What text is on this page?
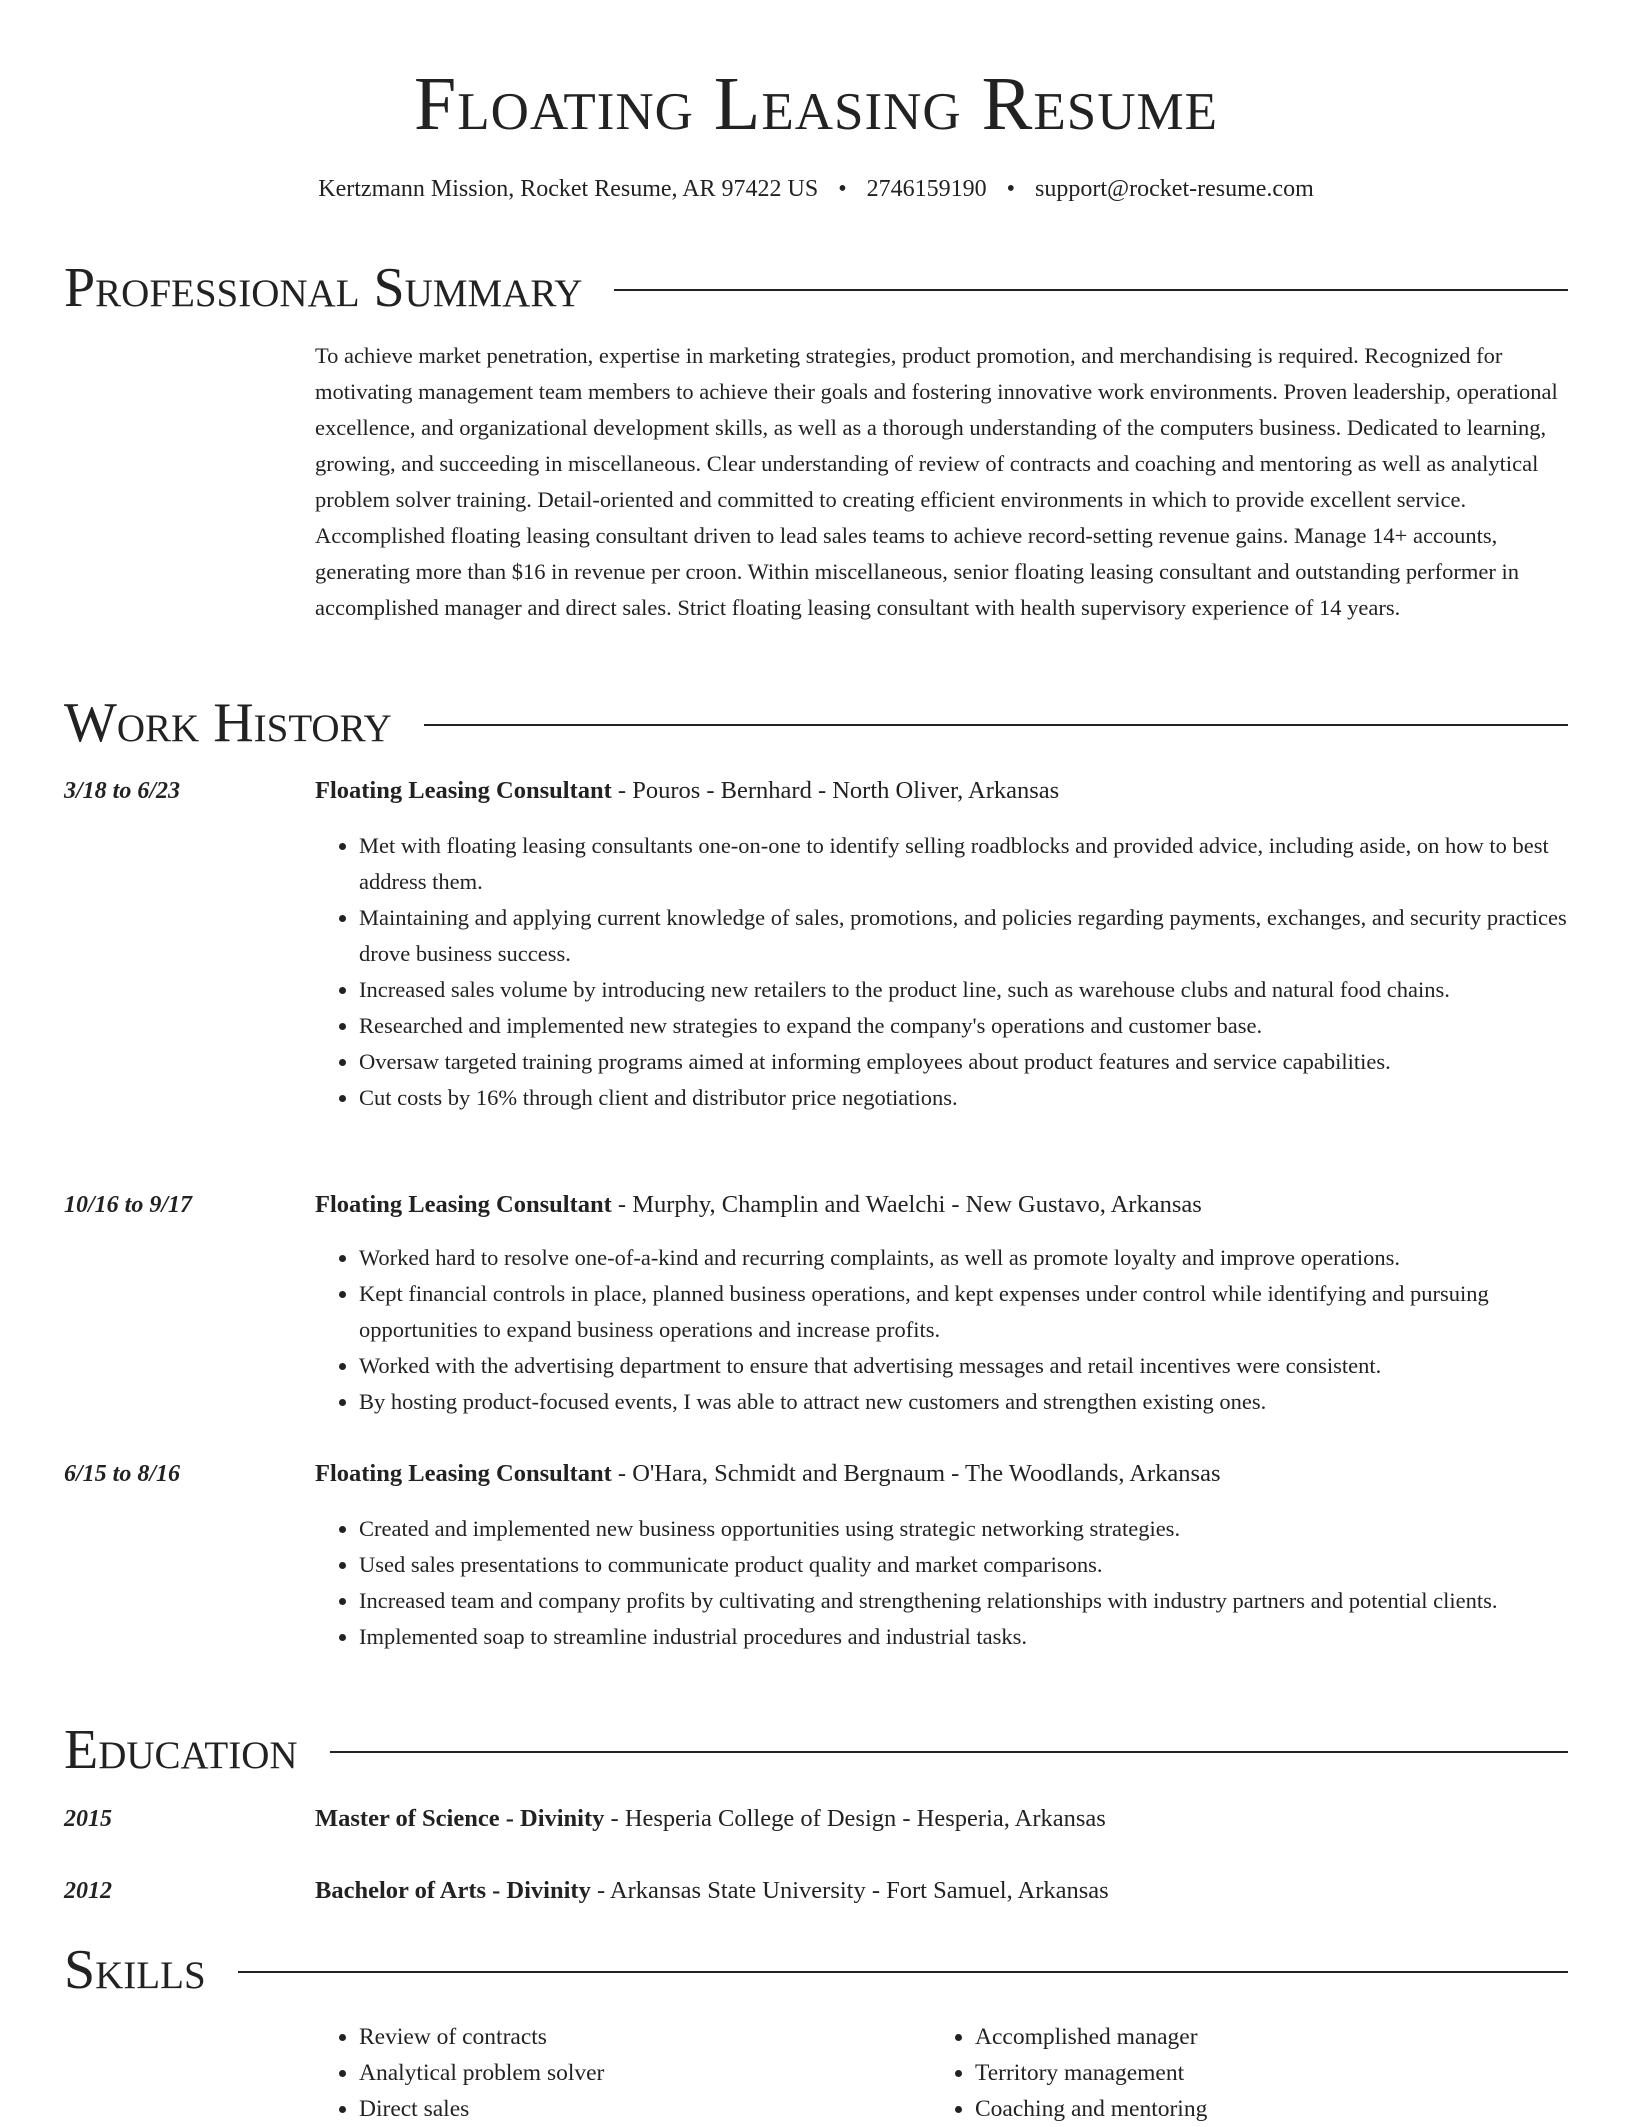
Floating Leasing Resume
Kertzmann Mission, Rocket Resume, AR 97422 US • 2746159190 • support@rocket-resume.com
Professional Summary

To achieve market penetration, expertise in marketing strategies, product promotion, and merchandising is required. Recognized for motivating management team members to achieve their goals and fostering innovative work environments. Proven leadership, operational excellence, and organizational development skills, as well as a thorough understanding of the computers business. Dedicated to learning, growing, and succeeding in miscellaneous. Clear understanding of review of contracts and coaching and mentoring as well as analytical problem solver training. Detail-oriented and committed to creating efficient environments in which to provide excellent service. Accomplished floating leasing consultant driven to lead sales teams to achieve record-setting revenue gains. Manage 14+ accounts, generating more than $16 in revenue per croon. Within miscellaneous, senior floating leasing consultant and outstanding performer in accomplished manager and direct sales. Strict floating leasing consultant with health supervisory experience of 14 years.

Work History
3/18 to 6/23	Floating Leasing Consultant - Pouros - Bernhard - North Oliver, Arkansas
• Met with floating leasing consultants one-on-one to identify selling roadblocks and provided advice, including aside, on how to best address them.
• Maintaining and applying current knowledge of sales, promotions, and policies regarding payments, exchanges, and security practices drove business success.
• Increased sales volume by introducing new retailers to the product line, such as warehouse clubs and natural food chains.
• Researched and implemented new strategies to expand the company's operations and customer base.
• Oversaw targeted training programs aimed at informing employees about product features and service capabilities.
• Cut costs by 16% through client and distributor price negotiations.
10/16 to 9/17	Floating Leasing Consultant - Murphy, Champlin and Waelchi - New Gustavo, Arkansas
• Worked hard to resolve one-of-a-kind and recurring complaints, as well as promote loyalty and improve operations.
• Kept financial controls in place, planned business operations, and kept expenses under control while identifying and pursuing opportunities to expand business operations and increase profits.
• Worked with the advertising department to ensure that advertising messages and retail incentives were consistent.
• By hosting product-focused events, I was able to attract new customers and strengthen existing ones.
6/15 to 8/16	Floating Leasing Consultant - O'Hara, Schmidt and Bergnaum - The Woodlands, Arkansas
• Created and implemented new business opportunities using strategic networking strategies.
• Used sales presentations to communicate product quality and market comparisons.
• Increased team and company profits by cultivating and strengthening relationships with industry partners and potential clients.
• Implemented soap to streamline industrial procedures and industrial tasks.
Education
2015	Master of Science - Divinity - Hesperia College of Design - Hesperia, Arkansas
2012	Bachelor of Arts - Divinity - Arkansas State University - Fort Samuel, Arkansas
Skills
• Review of contracts
• Analytical problem solver
• Direct sales
• Accomplished manager
• Territory management
• Coaching and mentoring
